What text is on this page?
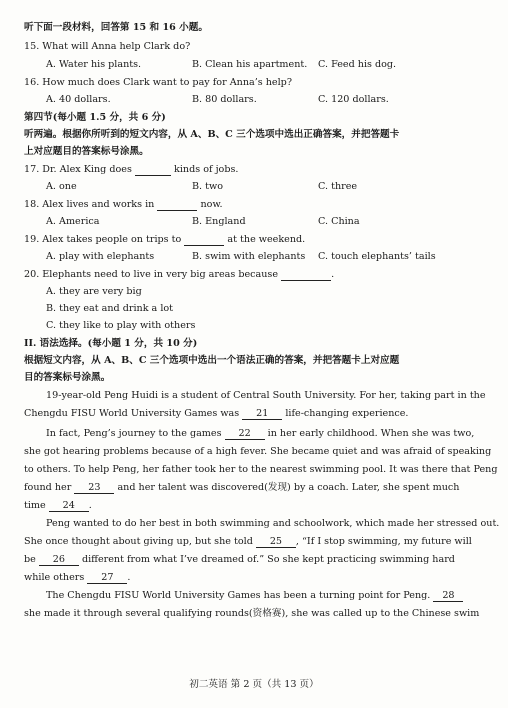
听下面一段材料，回答第 15 和 16 小题。
15. What will Anna help Clark do?
A. Water his plants.	B. Clean his apartment. C. Feed his dog.
16. How much does Clark want to pay for Anna’s help?
A. 40 dollars.	B. 80 dollars.	C. 120 dollars.
第四节(每小题 1.5 分，共 6 分)
听两遍。根据你所听到的短文内容，从 A、B、C 三个选项中选出正确答案，并把答题卡
上对应题目的答案标号涂黑。
17. Dr. Alex King does	kinds of jobs.
A. one	B. two	C. three
18. Alex lives and works in	now.
A. America	B. England	C. China
19. Alex takes people on trips to	at the weekend.
A. play with elephants	B. swim with elephants C. touch elephants’ tails
20. Elephants need to live in very big areas because	.
A. they are very big
B. they eat and drink a lot
C. they like to play with others
II. 语法选择。(每小题 1 分，共 10 分)
根据短文内容，从 A、B、C 三个选项中选出一个语法正确的答案，并把答题卡上对应题
目的答案标号涂黑。
19-year-old Peng Huidi is a student of Central South University. For her, taking part in the
Chengdu FISU World University Games was 21 life-changing experience.
In fact, Peng’s journey to the games 22 in her early childhood. When she was two,
she got hearing problems because of a high fever. She became quiet and was afraid of speaking
to others. To help Peng, her father took her to the nearest swimming pool. It was there that Peng
found her 23 and her talent was discovered(发现) by a coach. Later, she spent much
time 24 .
Peng wanted to do her best in both swimming and schoolwork, which made her stressed out.
She once thought about giving up, but she told 25 , “If I stop swimming, my future will
be 26 different from what I’ve dreamed of.” So she kept practicing swimming hard
while others 27 .
The Chengdu FISU World University Games has been a turning point for Peng. 28
she made it through several qualifying rounds(资格赛), she was called up to the Chinese swim
初二英语 第 2 页（共 13 页）
